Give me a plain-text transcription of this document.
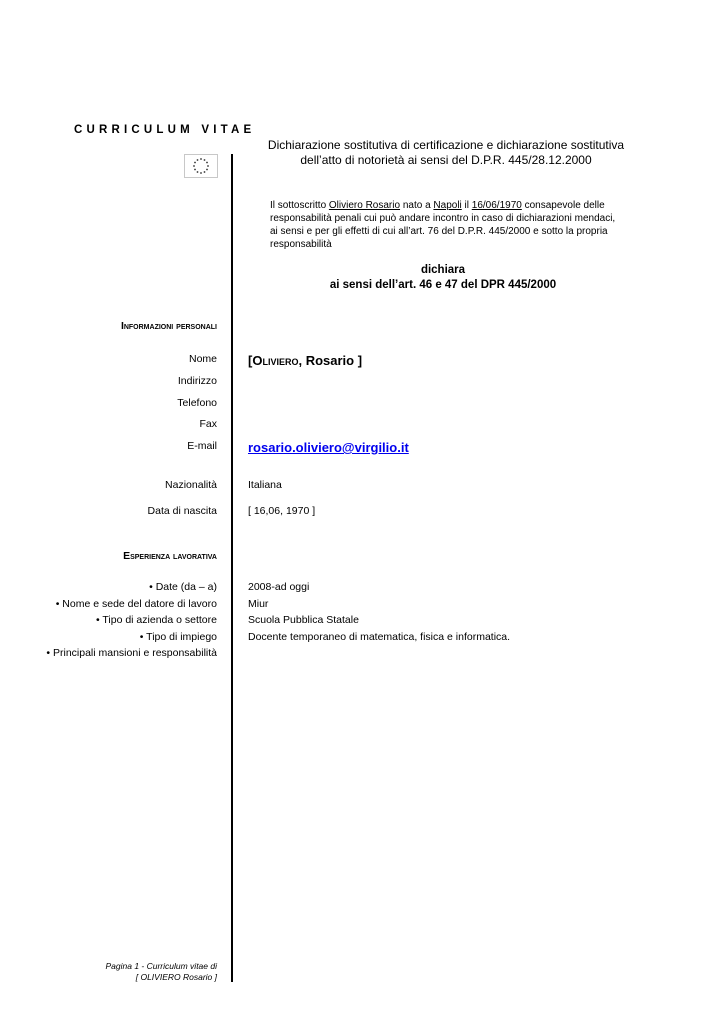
CURRICULUM VITAE
Dichiarazione sostitutiva di certificazione e dichiarazione sostitutiva
dell’atto di notorietà ai sensi del D.P.R. 445/28.12.2000
Il sottoscritto Oliviero Rosario nato a Napoli il 16/06/1970 consapevole delle responsabilità penali cui può andare incontro in caso di dichiarazioni mendaci, ai sensi e per gli effetti di cui all’art. 76 del D.P.R. 445/2000 e sotto la propria responsabilità
dichiara
ai sensi dell’art. 46 e 47 del DPR 445/2000
Informazioni personali
Nome [Oliviero, Rosario ]
Indirizzo
Telefono
Fax
E-mail rosario.oliviero@virgilio.it
Nazionalità	Italiana
Data di nascita	[ 16,06, 1970 ]
Esperienza lavorativa
• Date (da – a)	2008-ad oggi
• Nome e sede del datore di lavoro	Miur
• Tipo di azienda o settore	Scuola Pubblica Statale
• Tipo di impiego	Docente temporaneo di matematica, fisica e informatica.
• Principali mansioni e responsabilità
Pagina 1 - Curriculum vitae di
[ OLIVIERO Rosario ]
